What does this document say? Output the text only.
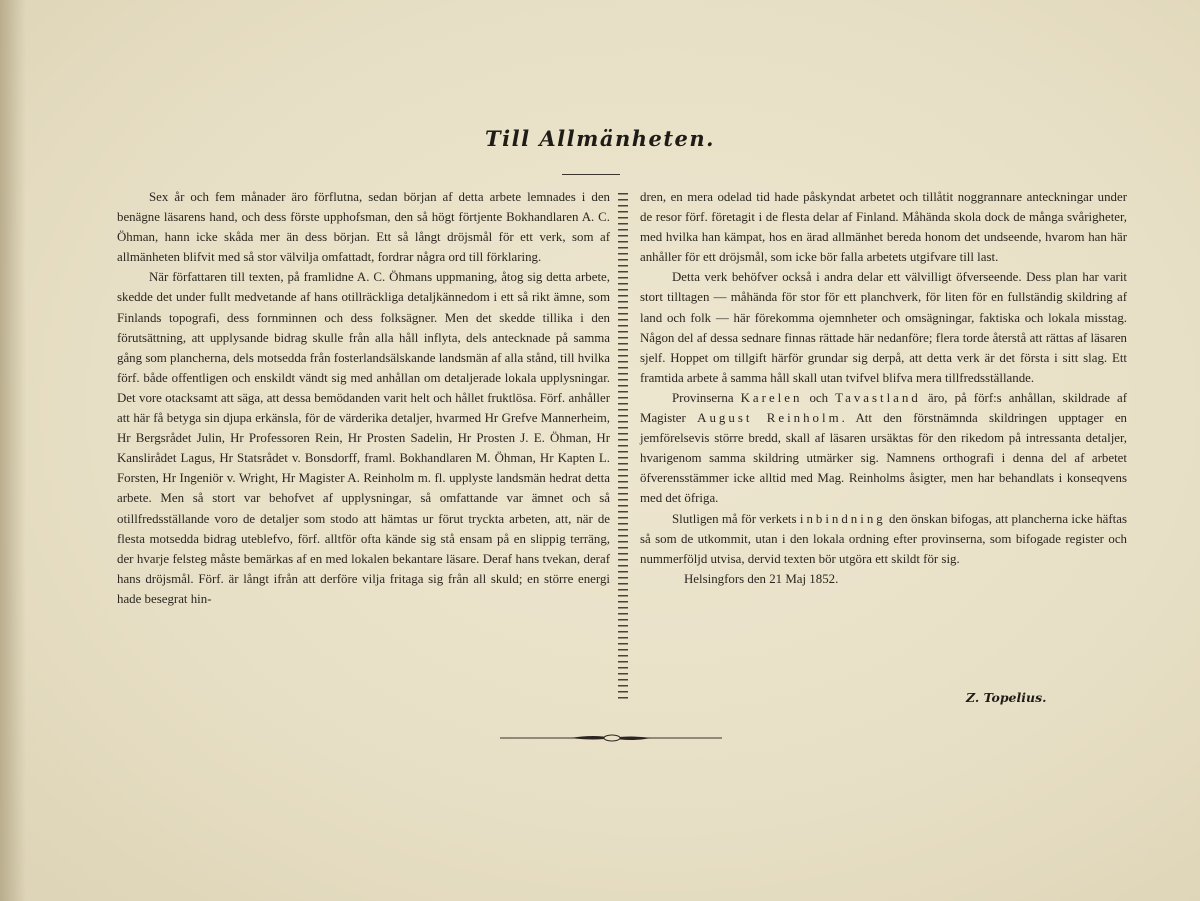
Till Allmänheten.

Sex år och fem månader äro förflutna, sedan början af detta arbete lemnades i den benägne läsarens hand, och dess förste upphofsman, den så högt förtjente Bokhandlaren A. C. Öhman, hann icke skåda mer än dess början. Ett så långt dröjsmål för ett verk, som af allmänheten blifvit med så stor välvilja omfattadt, fordrar några ord till förklaring.

När författaren till texten, på framlidne A. C. Öhmans uppmaning, åtog sig detta arbete, skedde det under fullt medvetande af hans otillräckliga detaljkännedom i ett så rikt ämne, som Finlands topografi, dess fornminnen och dess folksägner. Men det skedde tillika i den förutsättning, att upplysande bidrag skulle från alla håll inflyta, dels antecknade på samma gång som plancherna, dels motsedda från fosterlandsälskande landsmän af alla stånd, till hvilka förf. både offentligen och enskildt vändt sig med anhållan om detaljerade lokala upplysningar. Det vore otacksamt att säga, att dessa bemödanden varit helt och hållet fruktlösa. Förf. anhåller att här få betyga sin djupa erkänsla, för de värderika detaljer, hvarmed Hr Grefve Mannerheim, Hr Bergsrådet Julin, Hr Professoren Rein, Hr Prosten Sadelin, Hr Prosten J. E. Öhman, Hr Kanslirådet Lagus, Hr Statsrådet v. Bonsdorff, framl. Bokhandlaren M. Öhman, Hr Kapten L. Forsten, Hr Ingeniör v. Wright, Hr Magister A. Reinholm m. fl. upplyste landsmän hedrat detta arbete. Men så stort var behofvet af upplysningar, så omfattande var ämnet och så otillfredsställande voro de detaljer som stodo att hämtas ur förut tryckta arbeten, att, när de flesta motsedda bidrag uteblefvo, förf. alltför ofta kände sig stå ensam på en slippig terräng, der hvarje felsteg måste bemärkas af en med lokalen bekantare läsare. Deraf hans tvekan, deraf hans dröjsmål. Förf. är långt ifrån att derföre vilja fritaga sig från all skuld; en större energi hade besegrat hin-

dren, en mera odelad tid hade påskyndat arbetet och tillåtit noggrannare anteckningar under de resor förf. företagit i de flesta delar af Finland. Måhända skola dock de många svårigheter, med hvilka han kämpat, hos en ärad allmänhet bereda honom det undseende, hvarom han här anhåller för ett dröjsmål, som icke bör falla arbetets utgifvare till last.

Detta verk behöfver också i andra delar ett välvilligt öfverseende. Dess plan har varit stort tilltagen — måhända för stor för ett planchverk, för liten för en fullständig skildring af land och folk — här förekomma ojemnheter och omsägningar, faktiska och lokala misstag. Någon del af dessa sednare finnas rättade här nedanföre; flera torde återstå att rättas af läsaren sjelf. Hoppet om tillgift härför grundar sig derpå, att detta verk är det första i sitt slag. Ett framtida arbete å samma håll skall utan tvifvel blifva mera tillfredsställande.

Provinserna Karelen och Tavastland äro, på förf:s anhållan, skildrade af Magister August Reinholm. Att den förstnämnda skildringen upptager en jemförelsevis större bredd, skall af läsaren ursäktas för den rikedom på intressanta detaljer, hvarigenom samma skildring utmärker sig. Namnens orthografi i denna del af arbetet öfverensstämmer icke alltid med Mag. Reinholms åsigter, men har behandlats i konseqvens med det öfriga.

Slutligen må för verkets inbindning den önskan bifogas, att plancherna icke häftas så som de utkommit, utan i den lokala ordning efter provinserna, som bifogade register och nummerföljd utvisa, dervid texten bör utgöra ett skildt för sig.

Helsingfors den 21 Maj 1852.

Z. Topelius.
